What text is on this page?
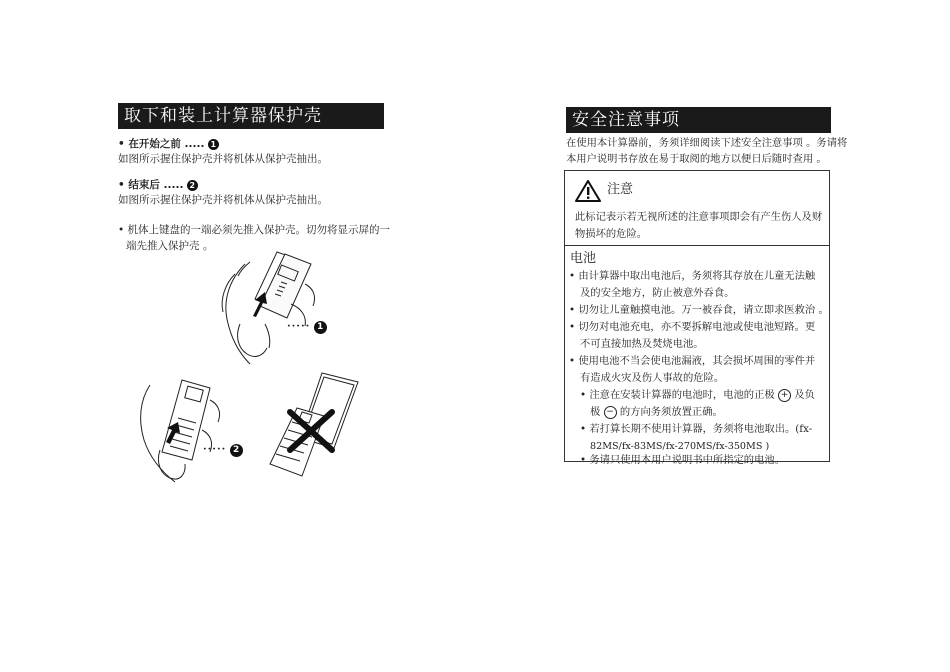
取下和装上计算器保护壳
• 在开始之前 ..... 1
如图所示握住保护壳并将机体从保护壳抽出。
• 结束后 ..... 2
如图所示握住保护壳并将机体从保护壳抽出。
• 机体上键盘的一端必须先推入保护壳。切勿将显示屏的一
端先推入保护壳 。
····· 1
····· 2
安全注意事项
在使用本计算器前，务须详细阅读下述安全注意事项 。务请将
本用户说明书存放在易于取阅的地方以便日后随时查用 。
注意
此标记表示若无视所述的注意事项即会有产生伤人及财
物损坏的危险。
电池
• 由计算器中取出电池后，务须将其存放在儿童无法触
及的安全地方，防止被意外吞食。
• 切勿让儿童触摸电池。万一被吞食，请立即求医救治 。
• 切勿对电池充电，亦不要拆解电池或使电池短路。更
不可直接加热及焚烧电池。
• 使用电池不当会使电池漏液，其会损坏周围的零件并
有造成火灾及伤人事故的危险。
• 注意在安装计算器的电池时，电池的正极 + 及负
极 − 的方向务须放置正确。
• 若打算长期不使用计算器，务须将电池取出。(fx-
82MS/fx-83MS/fx-270MS/fx-350MS )
• 务请只使用本用户说明书中所指定的电池。
